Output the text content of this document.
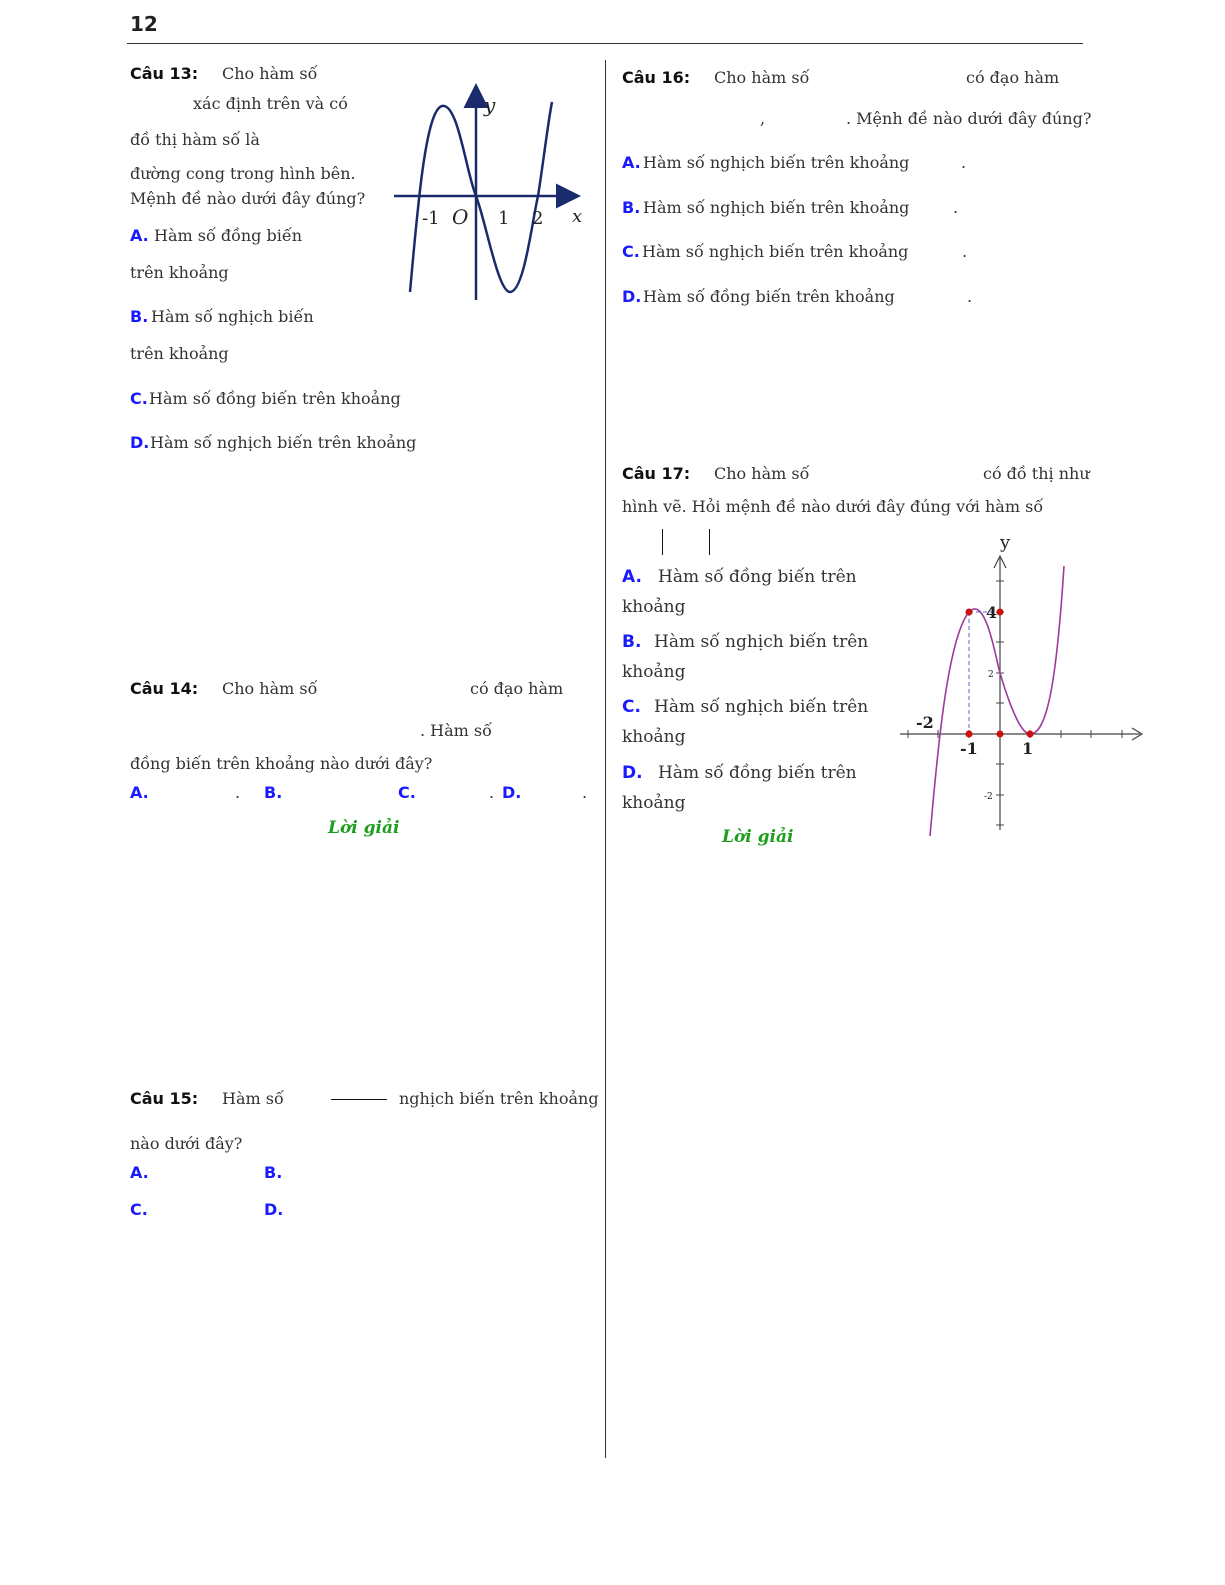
12
Câu 13: Cho hàm số
xác định trên và có
đồ thị hàm số là
đường cong trong hình bên.
Mệnh đề nào dưới đây đúng?
A. Hàm số đồng biến
trên khoảng
B. Hàm số nghịch biến
trên khoảng
C. Hàm số đồng biến trên khoảng
D. Hàm số nghịch biến trên khoảng
y
x
O
-1	1 2
Câu 14: Cho hàm số	có đạo hàm
. Hàm số
đồng biến trên khoảng nào dưới đây?
A.	. B.	C.	. D.	.
Lời giải
Câu 15: Hàm số	nghịch biến trên khoảng
nào dưới đây?
A.	B.
C.	D.
Câu 16: Cho hàm số	có đạo hàm
,	. Mệnh đề nào dưới đây đúng?
A. Hàm số nghịch biến trên khoảng	.
B. Hàm số nghịch biến trên khoảng	.
C. Hàm số nghịch biến trên khoảng	.
D. Hàm số đồng biến trên khoảng	.
Câu 17: Cho hàm số	có đồ thị như
hình vẽ. Hỏi mệnh đề nào dưới đây đúng với hàm số
A. Hàm số đồng biến trên
khoảng
B. Hàm số nghịch biến trên
khoảng
C. Hàm số nghịch biến trên
khoảng
D. Hàm số đồng biến trên
khoảng
Lời giải
y
4
2
-2
-2
-1	1
